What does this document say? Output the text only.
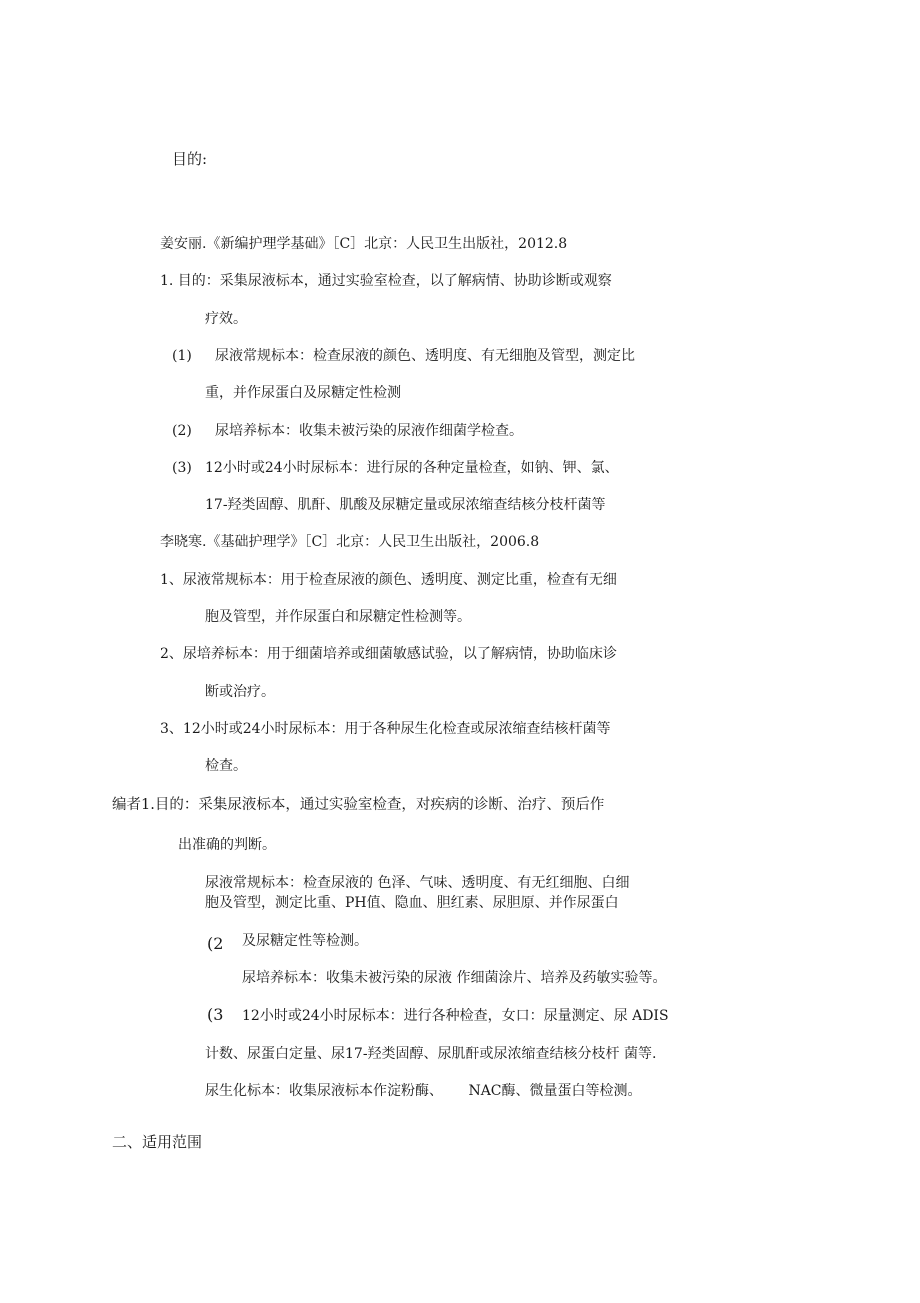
目的:
姜安丽.《新编护理学基础》［C］北京：人民卫生出版社，2012.8
1. 目的：采集尿液标本，通过实验室检查，以了解病情、协助诊断或观察
疗效。
(1) 尿液常规标本：检查尿液的颜色、透明度、有无细胞及管型，测定比
重，并作尿蛋白及尿糖定性检测
(2) 尿培养标本：收集未被污染的尿液作细菌学检查。
(3) 12小时或24小时尿标本：进行尿的各种定量检查，如钠、钾、氯、
17-羟类固醇、肌酐、肌酸及尿糖定量或尿浓缩查结核分枝杆菌等
李晓寒.《基础护理学》［C］北京：人民卫生出版社，2006.8
1、尿液常规标本：用于检查尿液的颜色、透明度、测定比重，检查有无细
胞及管型，并作尿蛋白和尿糖定性检测等。
2、尿培养标本：用于细菌培养或细菌敏感试验，以了解病情，协助临床诊
断或治疗。
3、12小时或24小时尿标本：用于各种尿生化检查或尿浓缩查结核杆菌等
检查。
编者1.目的：采集尿液标本，通过实验室检查，对疾病的诊断、治疗、预后作
出准确的判断。
尿液常规标本：检查尿液的 色泽、气味、透明度、有无红细胞、白细
胞及管型，测定比重、PH值、隐血、胆红素、尿胆原、并作尿蛋白
(2 及尿糖定性等检测。
尿培养标本：收集未被污染的尿液 作细菌涂片、培养及药敏实验等。
(3 12小时或24小时尿标本：进行各种检查，女口：尿量测定、尿 ADIS
计数、尿蛋白定量、尿17-羟类固醇、尿肌酐或尿浓缩查结核分枝杆 菌等.
尿生化标本：收集尿液标本作淀粉酶、　　 NAC酶、微量蛋白等检测。
二、适用范围
